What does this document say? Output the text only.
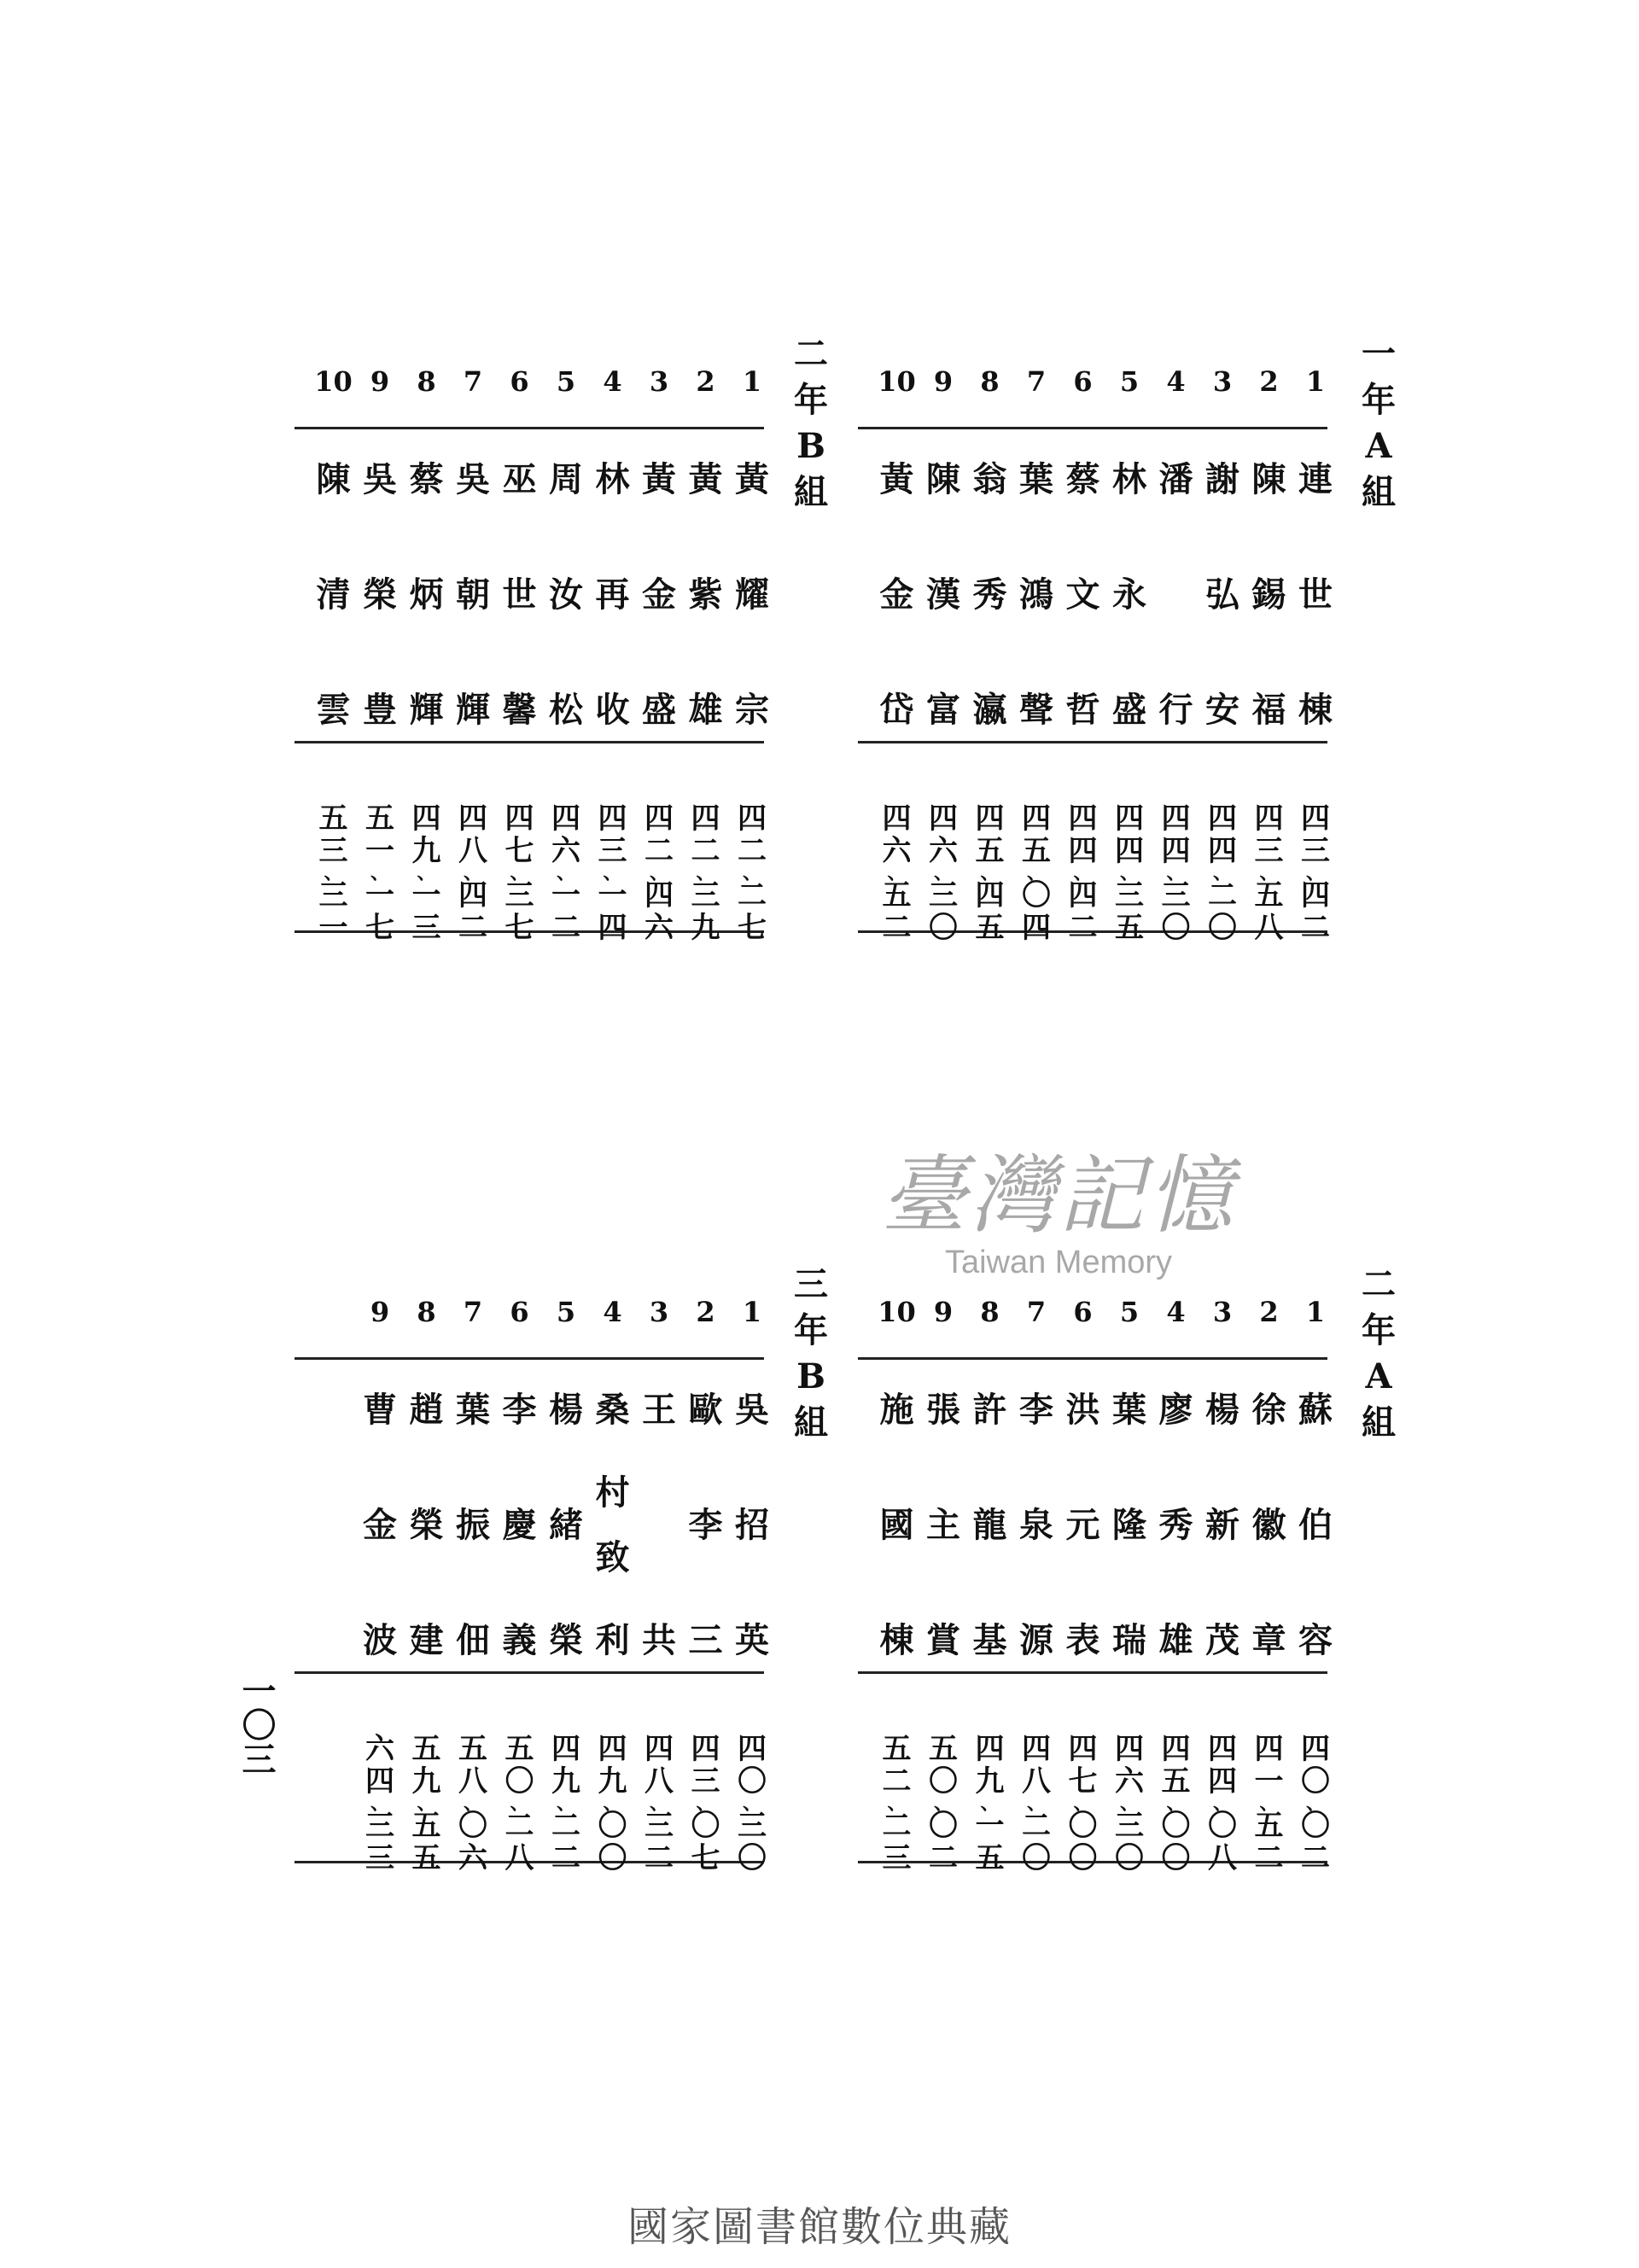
一
年
A
組
1
連
世
棟
四
三
、
四
二
2
陳
錫
福
四
三
、
五
八
3
謝
弘
安
四
四
、
二
〇
4
潘
行
四
四
、
三
〇
5
林
永
盛
四
四
、
三
五
6
蔡
文
哲
四
四
、
四
二
7
葉
鴻
聲
四
五
、
〇
四
8
翁
秀
瀛
四
五
、
四
五
9
陳
漢
富
四
六
、
三
〇
10
黃
金
岱
四
六
、
五
二
二
年
B
組
1
黃
耀
宗
四
二
、
二
七
2
黃
紫
雄
四
二
、
三
九
3
黃
金
盛
四
二
、
四
六
4
林
再
收
四
三
、
一
四
5
周
汝
松
四
六
、
一
二
6
巫
世
馨
四
七
、
三
七
7
吳
朝
輝
四
八
、
四
二
8
蔡
炳
輝
四
九
、
一
三
9
吳
榮
豊
五
一
、
一
七
10
陳
清
雲
五
三
、
三
一
二
年
A
組
1
蘇
伯
容
四
〇
、
〇
二
2
徐
徽
章
四
一
、
五
二
3
楊
新
茂
四
四
、
〇
八
4
廖
秀
雄
四
五
、
〇
〇
5
葉
隆
瑞
四
六
、
三
〇
6
洪
元
表
四
七
、
〇
〇
7
李
泉
源
四
八
、
二
〇
8
許
龍
基
四
九
、
一
五
9
張
主
賞
五
〇
、
〇
二
10
施
國
棟
五
二
、
二
三
三
年
B
組
1
吳
招
英
四
〇
、
三
〇
2
歐
李
三
四
三
、
〇
七
3
王
共
四
八
、
三
二
4
桑
村
致
利
四
九
、
〇
〇
5
楊
緒
榮
四
九
、
二
二
6
李
慶
義
五
〇
、
二
八
7
葉
振
佃
五
八
、
〇
六
8
趙
榮
建
五
九
、
五
五
9
曹
金
波
六
四
、
三
三
一〇三
臺灣記憶
Taiwan Memory
國家圖書館數位典藏
